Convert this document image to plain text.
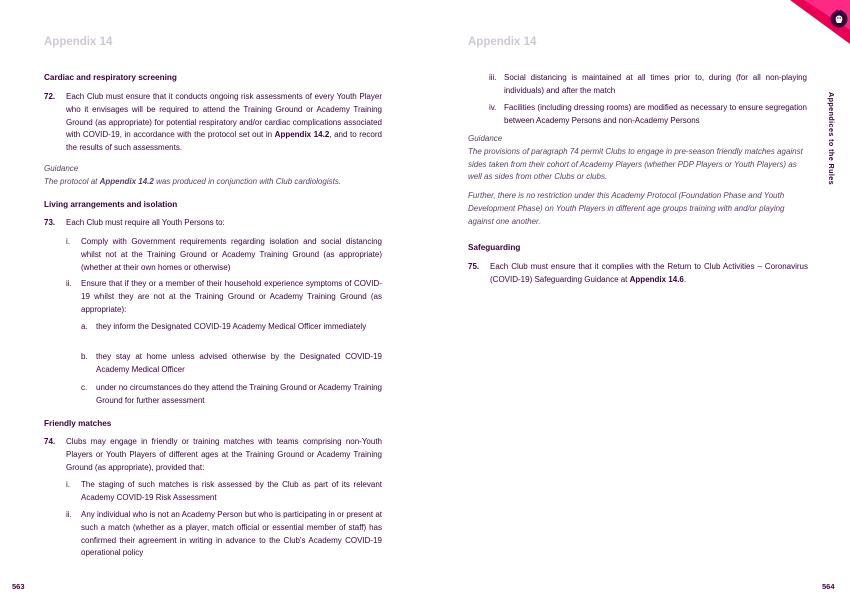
Appendix 14
Cardiac and respiratory screening
72. Each Club must ensure that it conducts ongoing risk assessments of every Youth Player who it envisages will be required to attend the Training Ground or Academy Training Ground (as appropriate) for potential respiratory and/or cardiac complications associated with COVID-19, in accordance with the protocol set out in Appendix 14.2, and to record the results of such assessments.
Guidance
The protocol at Appendix 14.2 was produced in conjunction with Club cardiologists.
Living arrangements and isolation
73. Each Club must require all Youth Persons to:
i. Comply with Government requirements regarding isolation and social distancing whilst not at the Training Ground or Academy Training Ground (as appropriate) (whether at their own homes or otherwise)
ii. Ensure that if they or a member of their household experience symptoms of COVID-19 whilst they are not at the Training Ground or Academy Training Ground (as appropriate):
a. they inform the Designated COVID-19 Academy Medical Officer immediately
b. they stay at home unless advised otherwise by the Designated COVID-19 Academy Medical Officer
c. under no circumstances do they attend the Training Ground or Academy Training Ground for further assessment
Friendly matches
74. Clubs may engage in friendly or training matches with teams comprising non-Youth Players or Youth Players of different ages at the Training Ground or Academy Training Ground (as appropriate), provided that:
i. The staging of such matches is risk assessed by the Club as part of its relevant Academy COVID-19 Risk Assessment
ii. Any individual who is not an Academy Person but who is participating in or present at such a match (whether as a player, match official or essential member of staff) has confirmed their agreement in writing in advance to the Club's Academy COVID-19 operational policy
563
Appendix 14
iii. Social distancing is maintained at all times prior to, during (for all non-playing individuals) and after the match
iv. Facilities (including dressing rooms) are modified as necessary to ensure segregation between Academy Persons and non-Academy Persons
Guidance
The provisions of paragraph 74 permit Clubs to engage in pre-season friendly matches against sides taken from their cohort of Academy Players (whether PDP Players or Youth Players) as well as sides from other Clubs or clubs.
Further, there is no restriction under this Academy Protocol (Foundation Phase and Youth Development Phase) on Youth Players in different age groups training with and/or playing against one another.
Safeguarding
75. Each Club must ensure that it complies with the Return to Club Activities – Coronavirus (COVID-19) Safeguarding Guidance at Appendix 14.6.
564
Appendices to the Rules
